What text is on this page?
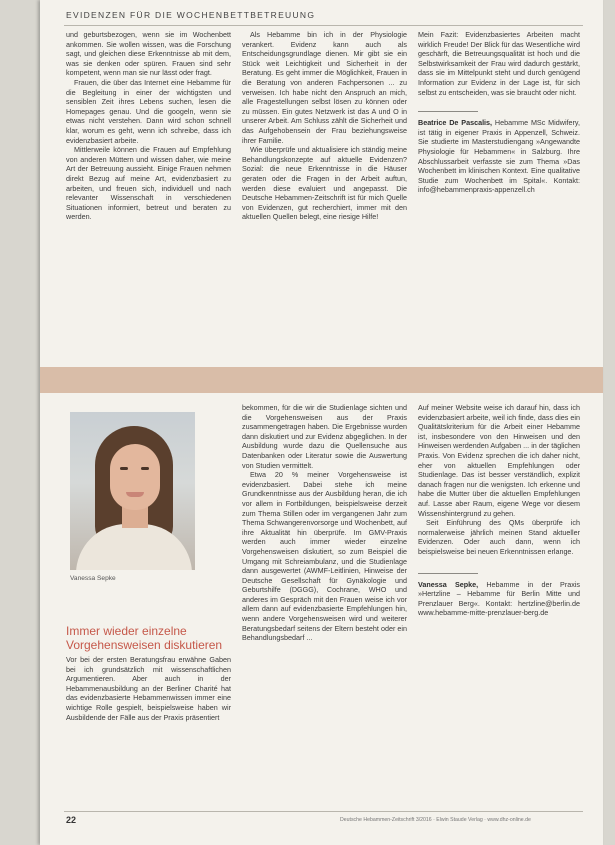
EVIDENZEN FÜR DIE WOCHENBETTBETREUUNG

und geburtsbezogen, wenn sie im Wochenbett ankommen. Sie wollen wissen, was die Forschung sagt, und gleichen diese Erkenntnisse ab mit dem, was sie denken oder spüren. Frauen sind sehr kompetent, wenn man sie nur lässt oder fragt.

Frauen, die über das Internet eine Hebamme für die Begleitung in einer der wichtigsten und sensiblen Zeit ihres Lebens suchen, lesen die Homepages genau. Und die googeln, wenn sie etwas nicht verstehen. Dann wird schon schnell klar, worum es geht, wenn ich schreibe, dass ich evidenzbasiert arbeite.

Mittlerweile können die Frauen auf Empfehlung von anderen Müttern und wissen daher, wie meine Art der Betreuung aussieht. Einige Frauen nehmen direkt Bezug auf meine Art, evidenzbasiert zu arbeiten, und freuen sich, individuell und nach relevanter Wissenschaft in verschiedenen Situationen informiert, betreut und beraten zu werden.

Als Hebamme bin ich in der Physiologie verankert. Evidenz kann auch als Entscheidungsgrundlage dienen. Mir gibt sie ein Stück weit Leichtigkeit und Sicherheit in der Beratung. Es geht immer die Möglichkeit, Frauen in die Beratung von anderen Fachpersonen ... zu verweisen. Ich habe nicht den Anspruch an mich, alle Fragestellungen selbst lösen zu können oder zu müssen. Ein gutes Netzwerk ist das A und O in unserer Arbeit. Am Schluss zählt die Sicherheit und das Aufgehobensein der Frau beziehungsweise ihrer Familie.

Wie überprüfe und aktualisiere ich ständig meine Behandlungskonzepte auf aktuelle Evidenzen? Sozial: die neue Erkenntnisse in die Häuser geraten oder die Fragen in der Arbeit auftun, werden diese evaluiert und angepasst. Die Deutsche Hebammen-Zeitschrift ist für mich Quelle von Evidenzen, gut recherchiert, immer mit den aktuellen Quellen belegt, eine riesige Hilfe!

Mein Fazit: Evidenzbasiertes Arbeiten macht wirklich Freude! Der Blick für das Wesentliche wird geschärft, die Betreuungsqualität ist hoch und die Selbstwirksamkeit der Frau wird dadurch gestärkt, dass sie im Mittelpunkt steht und durch genügend Information zur Evidenz in der Lage ist, für sich selbst zu entscheiden, was sie braucht oder nicht.

Beatrice De Pascalis, Hebamme MSc Midwifery, ist tätig in eigener Praxis in Appenzell, Schweiz. Sie studierte im Masterstudiengang »Angewandte Physiologie für Hebammen« in Salzburg. Ihre Abschlussarbeit verfasste sie zum Thema »Das Wochenbett im klinischen Kontext. Eine qualitative Studie zum Wochenbett im Spital«. Kontakt: info@hebammenpraxis-appenzell.ch

Vanessa Sepke
Immer wieder einzelne Vorgehensweisen diskutieren

Vor bei der ersten Beratungsfrau erwähne Gaben bei ich grundsätzlich mit wissenschaftlichen Argumentieren. Aber auch in der Hebammenausbildung an der Berliner Charité hat das evidenzbasierte Hebammenwissen immer eine wichtige Rolle gespielt, beispielsweise haben wir Ausbildende der Fälle aus der Praxis präsentiert

bekommen, für die wir die Studienlage sichten und die Vorgehensweisen aus der Praxis zusammengetragen haben. Die Ergebnisse wurden dann diskutiert und zur Evidenz abgeglichen. In der Ausbildung wurde dazu die Quellensuche aus Datenbanken oder Literatur sowie die Auswertung von Studien vermittelt.

Etwa 20 % meiner Vorgehensweise ist evidenzbasiert. Dabei stehe ich meine Grundkenntnisse aus der Ausbildung heran, die ich vor allem in Fortbildungen, beispielsweise derzeit zum Thema Stillen oder im vergangenen Jahr zum Thema Schwangerenvorsorge und Wochenbett, auf ihre Aktualität hin überprüfe. Im GMV-Praxis werden auch immer wieder einzelne Vorgehensweisen diskutiert, so zum Beispiel die Umgang mit Schreiambulanz, und die Studienlage dann ausgewertet (AWMF-Leitlinien, Hinweise der Deutsche Gesellschaft für Gynäkologie und Geburtshilfe (DGGG), Cochrane, WHO und anderes im Gespräch mit den Frauen weise ich vor allem dann auf evidenzbasierte Empfehlungen hin, wenn andere Vorgehensweisen wird und weiterer Beratungsbedarf seitens der Eltern besteht oder ein Behandlungsbedarf ...

Auf meiner Website weise ich darauf hin, dass ich evidenzbasiert arbeite, weil ich finde, dass dies ein Qualitätskriterium für die Arbeit einer Hebamme ist, insbesondere von den Hinweisen und den Hinweisen werdenden Aufgaben ... in der täglichen Praxis. Von Evidenz sprechen die ich daher nicht, eher von aktuellen Empfehlungen oder Studienlage. Das ist besser verständlich, explizit danach fragen nur die wenigsten. Ich erkenne und habe die Mutter über die aktuellen Empfehlungen auf. Lasse aber Raum, eigene Wege vor diesem Wissenshintergrund zu gehen.

Seit Einführung des QMs überprüfe ich normalerweise jährlich meinen Stand aktueller Evidenzen. Oder auch dann, wenn ich beispielsweise bei neuen Erkenntnissen erlange.

Vanessa Sepke, Hebamme in der Praxis »Hertzline – Hebamme für Berlin Mitte und Prenzlauer Berg«. Kontakt: hertzline@berlin.de www.hebamme-mitte-prenzlauer-berg.de

22	Deutsche Hebammen-Zeitschrift 3/2016 · Elwin Staude Verlag · www.dhz-online.de
